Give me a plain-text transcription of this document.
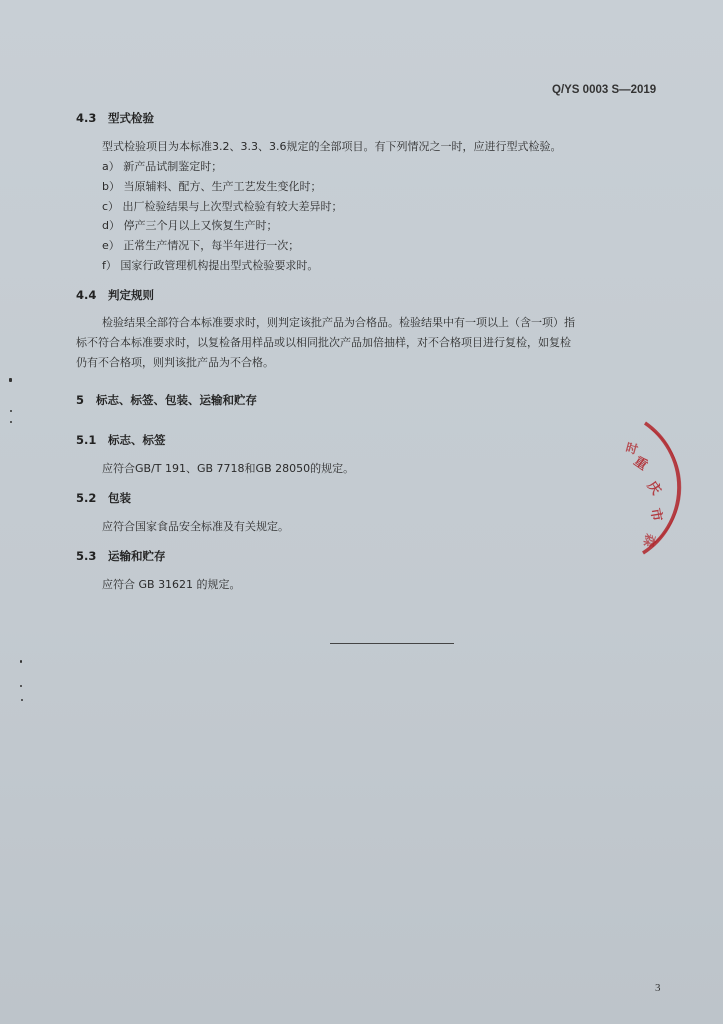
Q/YS 0003 S—2019
4.3 型式检验
型式检验项目为本标准3.2、3.3、3.6规定的全部项目。有下列情况之一时，应进行型式检验。
a） 新产品试制鉴定时；
b） 当原辅料、配方、生产工艺发生变化时；
c） 出厂检验结果与上次型式检验有较大差异时；
d） 停产三个月以上又恢复生产时；
e） 正常生产情况下，每半年进行一次；
f） 国家行政管理机构提出型式检验要求时。
4.4 判定规则
检验结果全部符合本标准要求时，则判定该批产品为合格品。检验结果中有一项以上（含一项）指
标不符合本标准要求时，以复检备用样品或以相同批次产品加倍抽样，对不合格项目进行复检，如复检
仍有不合格项，则判该批产品为不合格。
5 标志、标签、包装、运输和贮存
5.1 标志、标签
应符合GB/T 191、GB 7718和GB 28050的规定。
5.2 包装
应符合国家食品安全标准及有关规定。
5.3 运输和贮存
应符合 GB 31621 的规定。
重
庆
市
森
时
3
